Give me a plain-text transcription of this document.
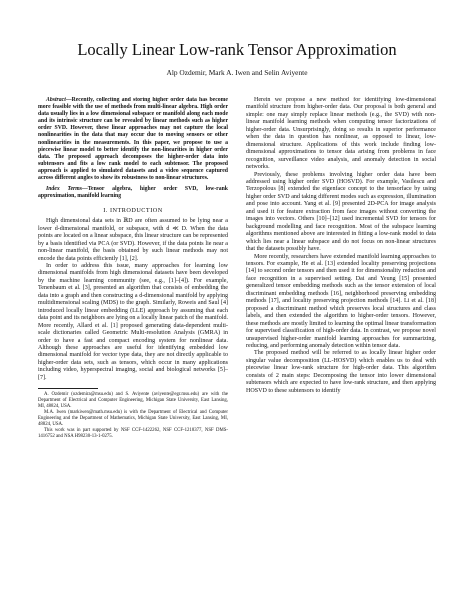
Locally Linear Low-rank Tensor Approximation
Alp Ozdemir, Mark A. Iwen and Selin Aviyente

Abstract—Recently, collecting and storing higher order data has become more feasible with the use of methods from multi-linear algebra. High order data usually lies in a low dimensional subspace or manifold along each mode and its intrinsic structure can be revealed by linear methods such as higher order SVD. However, these linear approaches may not capture the local nonlinearities in the data that may occur due to moving sensors or other nonlinearities in the measurements. In this paper, we propose to use a piecewise linear model to better identify the non-linearities in higher order data. The proposed approach decomposes the higher-order data into subtensors and fits a low rank model to each subtensor. The proposed approach is applied to simulated datasets and a video sequence captured across different angles to show its robustness to non-linear structures.

Index Terms—Tensor algebra, higher order SVD, low-rank approximation, manifold learning

I. INTRODUCTION

High dimensional data sets in ℝD are often assumed to be lying near a lower d-dimensional manifold, or subspace, with d ≪ D. When the data points are located on a linear subspace, this linear structure can be represented by a basis identified via PCA (or SVD). However, if the data points lie near a non-linear manifold, the basis obtained by such linear methods may not encode the data points efficiently [1], [2].

In order to address this issue, many approaches for learning low dimensional manifolds from high dimensional datasets have been developed by the machine learning community (see, e.g., [1]–[4]). For example, Tenenbaum et al. [3], presented an algorithm that consists of embedding the data into a graph and then constructing a d-dimensional manifold by applying multidimensional scaling (MDS) to the graph. Similarly, Roweis and Saul [4] introduced locally linear embedding (LLE) approach by assuming that each data point and its neighbors are lying on a locally linear patch of the manifold. More recently, Allard et al. [1] proposed generating data-dependent multi-scale dictionaries called Geometric Multi-resolution Analysis (GMRA) in order to have a fast and compact encoding system for nonlinear data. Although these approaches are useful for identifying embedded low dimensional manifold for vector type data, they are not directly applicable to higher-order data sets, such as tensors, which occur in many applications including video, hyperspectral imaging, social and biological networks [5]–[7].

A. Ozdemir (ozdemira@msu.edu) and S. Aviyente (aviyente@egr.msu.edu) are with the Department of Electrical and Computer Engineering, Michigan State University, East Lansing, MI, 48824, USA.

M.A. Iwen (markiwen@math.msu.edu) is with the Department of Electrical and Computer Engineering and the Department of Mathematics, Michigan State University, East Lansing, MI, 48824, USA.

This work was in part supported by NSF CCF-1422262, NSF CCF-1218377, NSF DMS-1416752 and NSA H98230-13-1-0275.

Herein we propose a new method for identifying low-dimensional manifold structure from higher-order data. Our proposal is both general and simple: one may simply replace linear methods (e.g., the SVD) with non-linear manifold learning methods when computing tensor factorizations of higher-order data. Unsurprisingly, doing so results in superior performance when the data in question has nonlinear, as opposed to linear, low-dimensional structure. Applications of this work include finding low-dimensional approximations to tensor data arising from problems in face recognition, surveillance video analysis, and anomaly detection in social networks.

Previously, these problems involving higher order data have been addressed using higher order SVD (HOSVD). For example, Vasilescu and Terzopolous [8] extended the eigenface concept to the tensorface by using higher order SVD and taking different modes such as expression, illumination and pose into account. Yang et al. [9] presented 2D-PCA for image analysis and used it for feature extraction from face images without converting the images into vectors. Others [10]–[12] used incremental SVD for tensors for background modelling and face recognition. Most of the subspace learning algorithms mentioned above are interested in fitting a low-rank model to data which lies near a linear subspace and do not focus on non-linear structures that the datasets possibly have.

More recently, researchers have extended manifold learning approaches to tensors. For example, He et al. [13] extended locality preserving projections [14] to second order tensors and then used it for dimensionality reduction and face recognition in a supervised setting. Dai and Yeung [15] presented generalized tensor embedding methods such as the tensor extension of local discriminant embedding methods [16], neighborhood preserving embedding methods [17], and locality preserving projection methods [14]. Li et al. [18] proposed a discriminant method which preserves local structures and class labels, and then extended the algorithm to higher-order tensors. However, these methods are mostly limited to learning the optimal linear transformation for supervised classification of high-order data. In contrast, we propose novel unsupervised higher-order manifold learning approaches for summarizing, reducing, and performing anomaly detection within tensor data.

The proposed method will be referred to as locally linear higher order singular value decomposition (LL-HOSVD) which enables us to deal with piecewise linear low-rank structure for high-order data. This algorithm consists of 2 main steps: Decomposing the tensor into lower dimensional subtensors which are expected to have low-rank structure, and then applying HOSVD to these subtensors to identify
